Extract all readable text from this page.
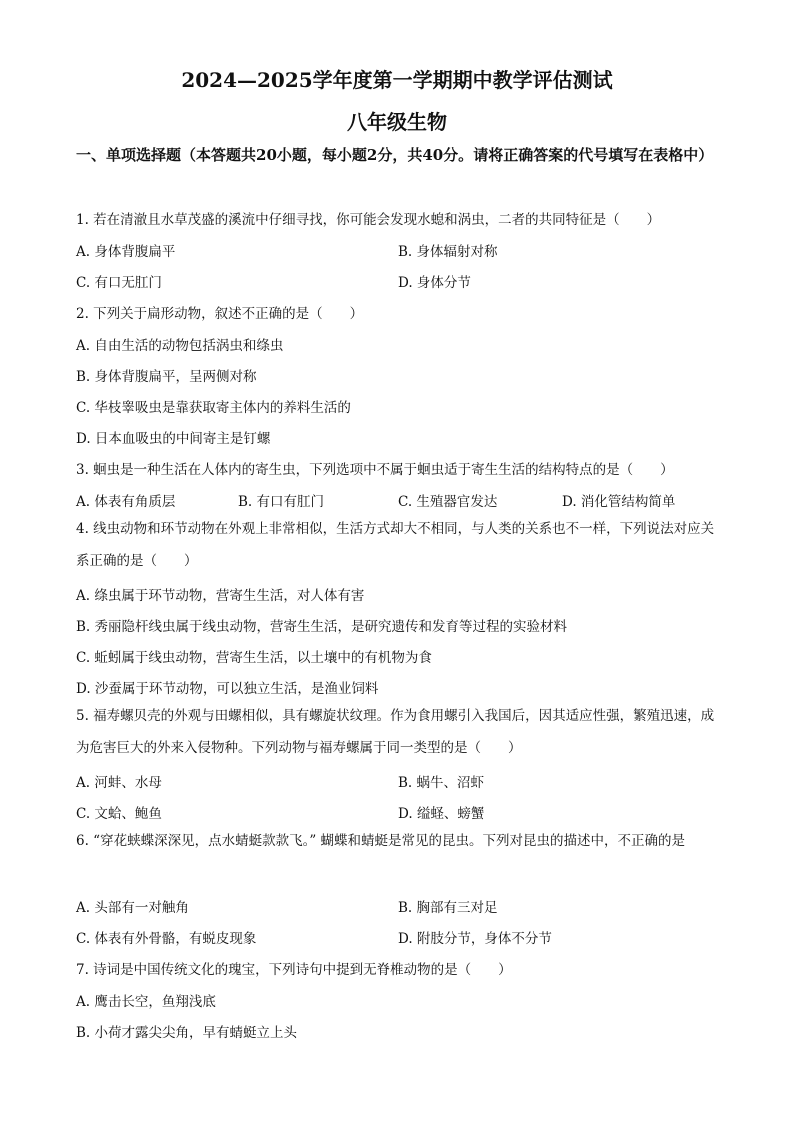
2024—2025学年度第一学期期中教学评估测试
八年级生物
一、单项选择题（本答题共20小题，每小题2分，共40分。请将正确答案的代号填写在表格中）
1. 若在清澈且水草茂盛的溪流中仔细寻找，你可能会发现水螅和涡虫，二者的共同特征是（　　）
A. 身体背腹扁平	B. 身体辐射对称
C. 有口无肛门	D. 身体分节
2. 下列关于扁形动物，叙述不正确的是（　　）
A. 自由生活的动物包括涡虫和绦虫
B. 身体背腹扁平，呈两侧对称
C. 华枝睾吸虫是靠获取寄主体内的养料生活的
D. 日本血吸虫的中间寄主是钉螺
3. 蛔虫是一种生活在人体内的寄生虫，下列选项中不属于蛔虫适于寄生生活的结构特点的是（　　）
A. 体表有角质层	B. 有口有肛门	C. 生殖器官发达	D. 消化管结构简单
4. 线虫动物和环节动物在外观上非常相似，生活方式却大不相同，与人类的关系也不一样，下列说法对应关系正确的是（　　）
A. 绦虫属于环节动物，营寄生生活，对人体有害
B. 秀丽隐杆线虫属于线虫动物，营寄生生活，是研究遗传和发育等过程的实验材料
C. 蚯蚓属于线虫动物，营寄生生活，以土壤中的有机物为食
D. 沙蚕属于环节动物，可以独立生活，是渔业饲料
5. 福寿螺贝壳的外观与田螺相似，具有螺旋状纹理。作为食用螺引入我国后，因其适应性强，繁殖迅速，成为危害巨大的外来入侵物种。下列动物与福寿螺属于同一类型的是（　　）
A. 河蚌、水母	B. 蜗牛、沼虾
C. 文蛤、鲍鱼	D. 缢蛏、螃蟹
6. “穿花蛱蝶深深见，点水蜻蜓款款飞。” 蝴蝶和蜻蜓是常见的昆虫。下列对昆虫的描述中，不正确的是
A. 头部有一对触角	B. 胸部有三对足
C. 体表有外骨骼，有蜕皮现象	D. 附肢分节，身体不分节
7. 诗词是中国传统文化的瑰宝，下列诗句中提到无脊椎动物的是（　　）
A. 鹰击长空，鱼翔浅底
B. 小荷才露尖尖角，早有蜻蜓立上头
